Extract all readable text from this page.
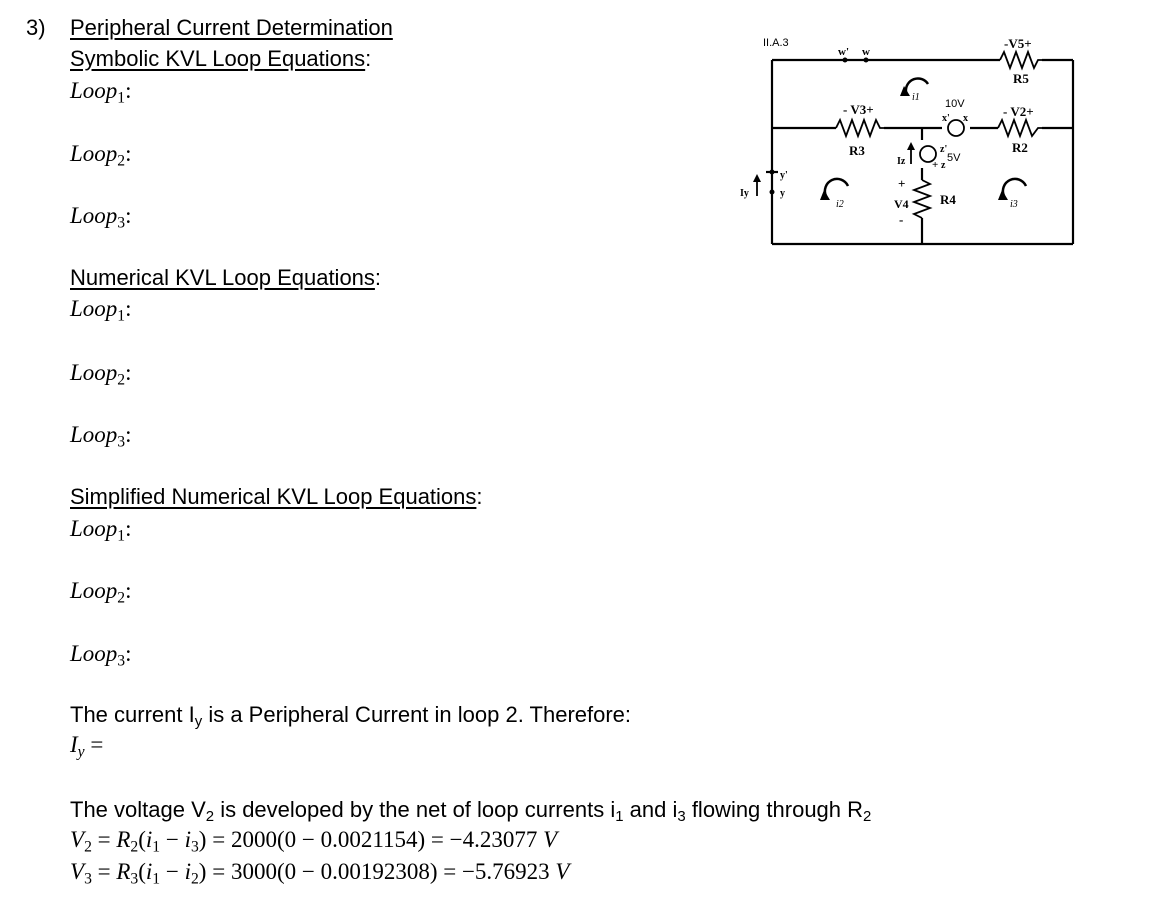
3) Peripheral Current Determination
Symbolic KVL Loop Equations:
Loop$_1$:
Loop$_2$:
Loop$_3$:
Numerical KVL Loop Equations:
Loop$_1$:
Loop$_2$:
Loop$_3$:
Simplified Numerical KVL Loop Equations:
Loop$_1$:
Loop$_2$:
Loop$_3$:
The current $I_y$ is a Peripheral Current in loop 2. Therefore:
$I_y$ =
The voltage $V_2$ is developed by the net of loop currents $i_1$ and $i_3$ flowing through $R_2$
$V_2 = R_2(i_1 - i_3) = 2000(0 - 0.0021154) = -4.23077$ V
$V_3 = R_3(i_1 - i_2) = 3000(0 - 0.00192308) = -5.76923$ V
II.A.3
w' w
-V5+
R5
- V3+
R3
- V2+
R2
i1
i2	i3
10V
x' x
z'
z
+
5V
Iz
Iy
y'
y
+
V4
-
R4
